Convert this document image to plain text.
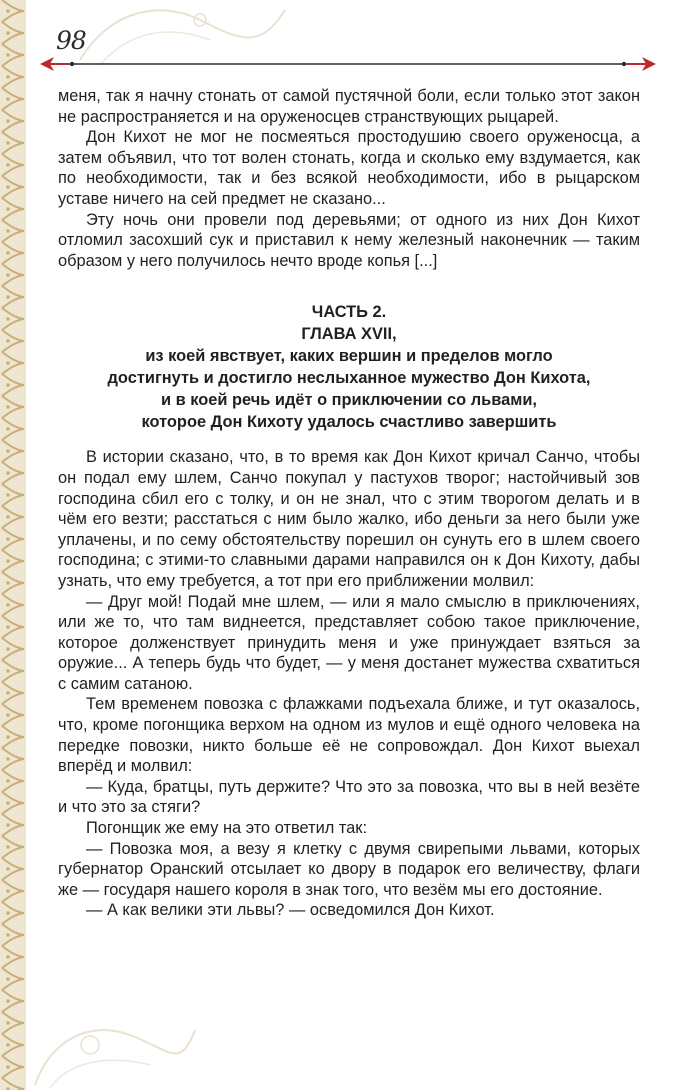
98

меня, так я начну стонать от самой пустячной боли, если только этот закон не распространяется и на оруженосцев странствующих рыцарей.

Дон Кихот не мог не посмеяться простодушию своего оруженосца, а затем объявил, что тот волен стонать, когда и сколько ему вздумается, как по необходимости, так и без всякой необходимости, ибо в рыцарском уставе ничего на сей предмет не сказано...

Эту ночь они провели под деревьями; от одного из них Дон Кихот отломил засохший сук и приставил к нему железный наконечник — таким образом у него получилось нечто вроде копья [...]

ЧАСТЬ 2.
ГЛАВА XVII,
из коей явствует, каких вершин и пределов могло
достигнуть и достигло неслыханное мужество Дон Кихота,
и в коей речь идёт о приключении со львами,
которое Дон Кихоту удалось счастливо завершить

В истории сказано, что, в то время как Дон Кихот кричал Санчо, чтобы он подал ему шлем, Санчо покупал у пастухов творог; настойчивый зов господина сбил его с толку, и он не знал, что с этим творогом делать и в чём его везти; расстаться с ним было жалко, ибо деньги за него были уже уплачены, и по сему обстоятельству порешил он сунуть его в шлем своего господина; с этими-то славными дарами направился он к Дон Кихоту, дабы узнать, что ему требуется, а тот при его приближении молвил:

— Друг мой! Подай мне шлем, — или я мало смыслю в приключениях, или же то, что там виднеется, представляет собою такое приключение, которое долженствует принудить меня и уже принуждает взяться за оружие... А теперь будь что будет, — у меня достанет мужества схватиться с самим сатаною.

Тем временем повозка с флажками подъехала ближе, и тут оказалось, что, кроме погонщика верхом на одном из мулов и ещё одного человека на передке повозки, никто больше её не сопровождал. Дон Кихот выехал вперёд и молвил:

— Куда, братцы, путь держите? Что это за повозка, что вы в ней везёте и что это за стяги?

Погонщик же ему на это ответил так:

— Повозка моя, а везу я клетку с двумя свирепыми львами, которых губернатор Оранский отсылает ко двору в подарок его величеству, флаги же — государя нашего короля в знак того, что везём мы его достояние.

— А как велики эти львы? — осведомился Дон Кихот.
